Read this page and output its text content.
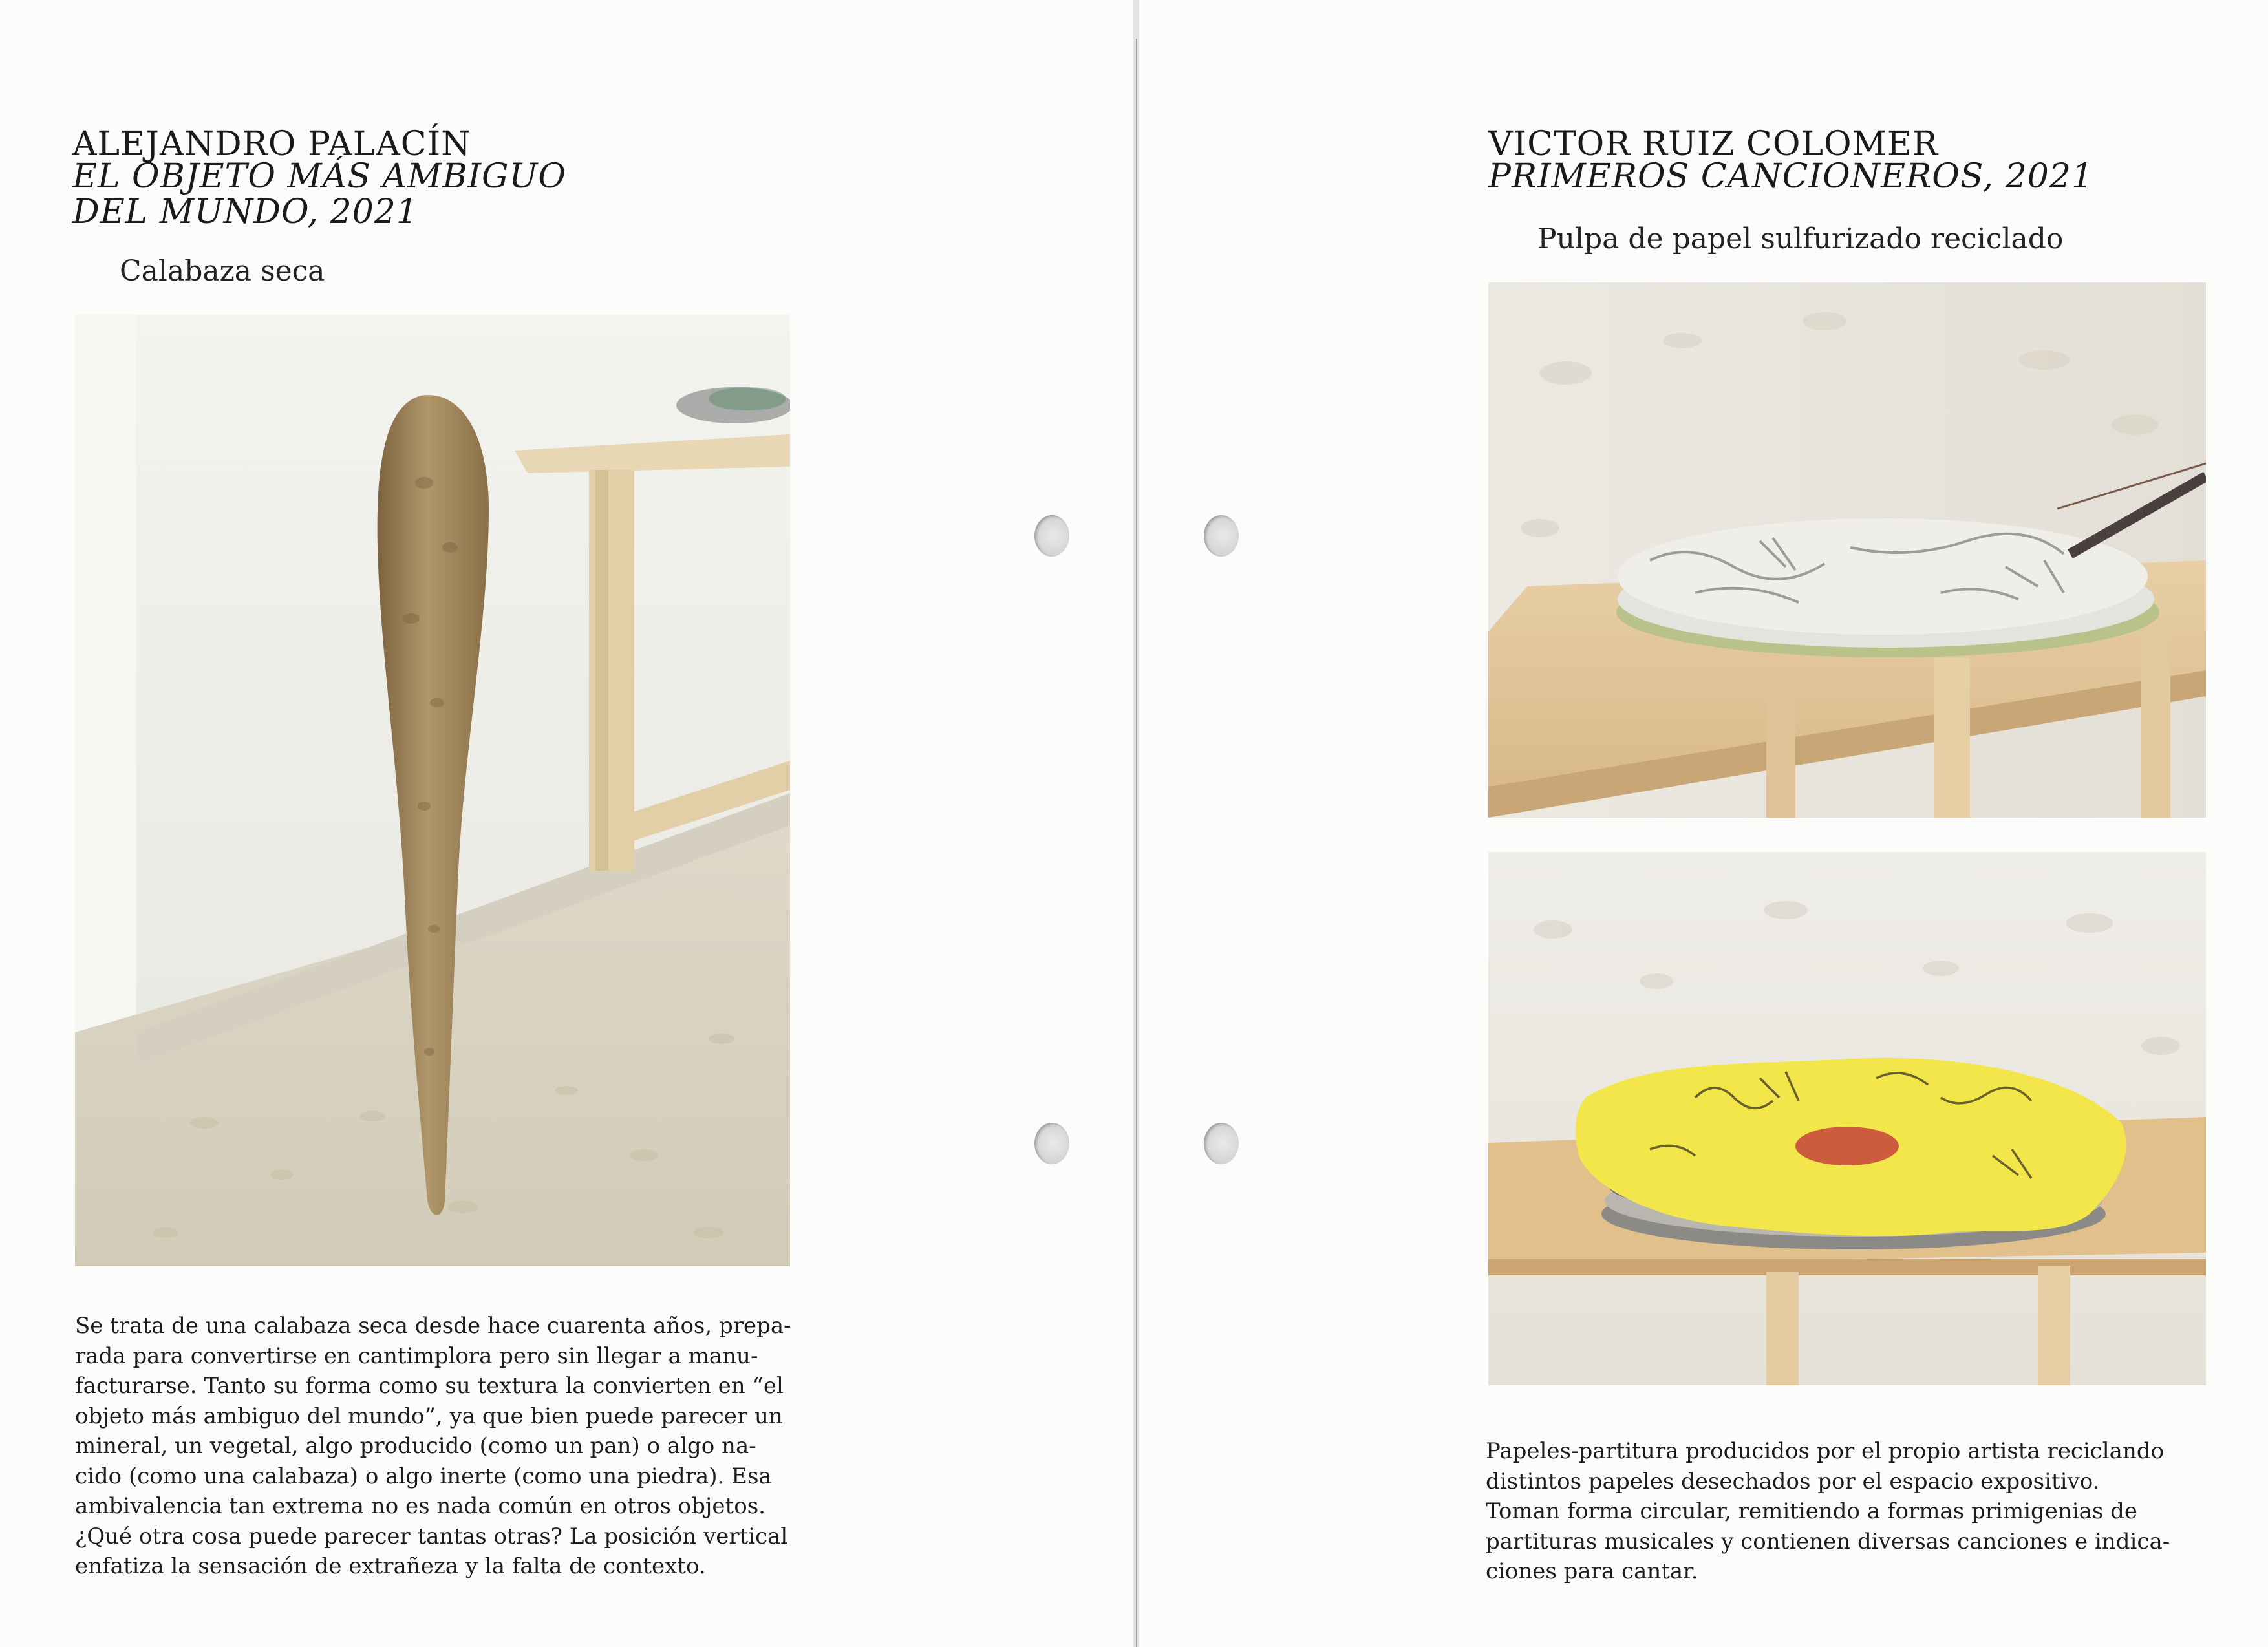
ALEJANDRO PALACÍN
EL OBJETO MÁS AMBIGUO
DEL MUNDO, 2021

Calabaza seca

Se trata de una calabaza seca desde hace cuarenta años, prepa-
rada para convertirse en cantimplora pero sin llegar a manu-
facturarse. Tanto su forma como su textura la convierten en “el
objeto más ambiguo del mundo”, ya que bien puede parecer un
mineral, un vegetal, algo producido (como un pan) o algo na-
cido (como una calabaza) o algo inerte (como una piedra). Esa
ambivalencia tan extrema no es nada común en otros objetos.
¿Qué otra cosa puede parecer tantas otras? La posición vertical
enfatiza la sensación de extrañeza y la falta de contexto.

VICTOR RUIZ COLOMER
PRIMEROS CANCIONEROS, 2021

Pulpa de papel sulfurizado reciclado

Papeles-partitura producidos por el propio artista reciclando
distintos papeles desechados por el espacio expositivo.
Toman forma circular, remitiendo a formas primigenias de
partituras musicales y contienen diversas canciones e indica-
ciones para cantar.
